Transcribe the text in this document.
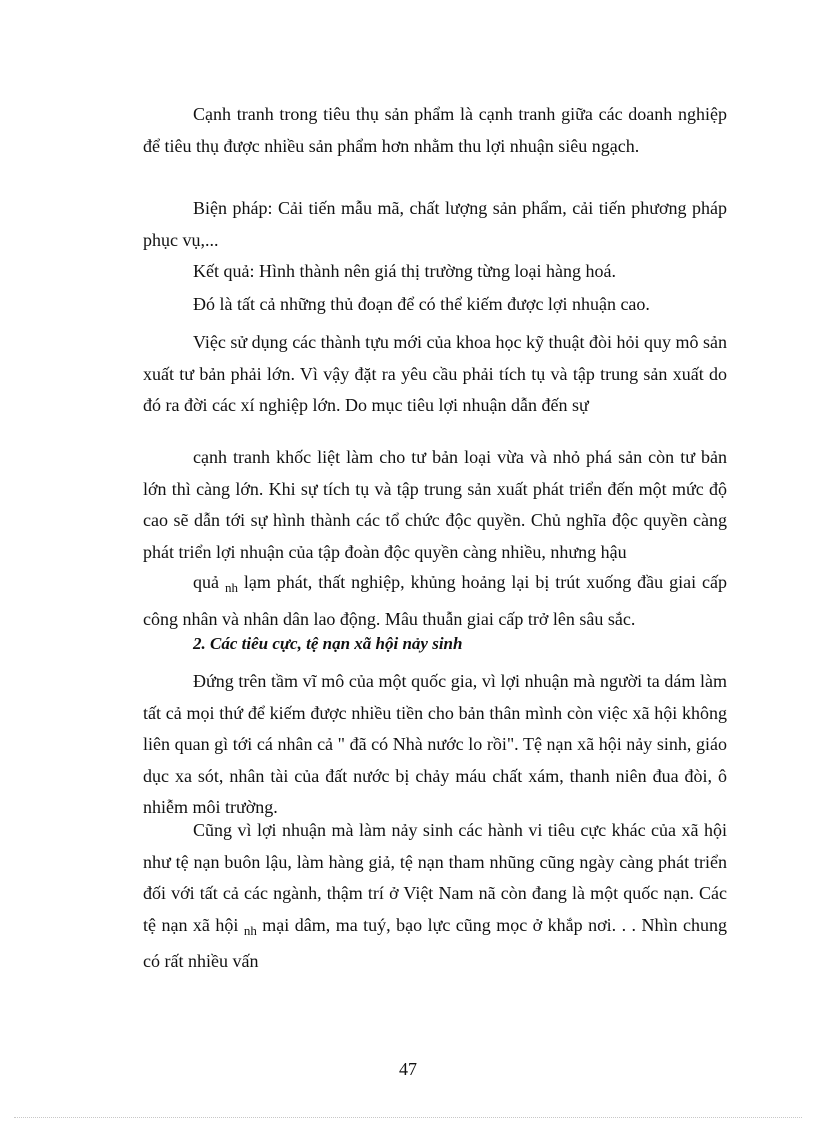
Cạnh tranh trong tiêu thụ sản phẩm là cạnh tranh giữa các doanh nghiệp để tiêu thụ được nhiều sản phẩm hơn nhằm thu lợi nhuận siêu ngạch.

Biện pháp: Cải tiến mẫu mã, chất lượng sản phẩm, cải tiến phương pháp phục vụ,...

Kết quả: Hình thành nên giá thị trường từng loại hàng hoá.

Đó là tất cả những thủ đoạn để có thể kiếm được lợi nhuận cao.

Việc sử dụng các thành tựu mới của khoa học kỹ thuật đòi hỏi quy mô sản xuất tư bản phải lớn. Vì vậy đặt ra yêu cầu phải tích tụ và tập trung sản xuất do đó ra đời các xí nghiệp lớn. Do mục tiêu lợi nhuận dẫn đến sự

cạnh tranh khốc liệt làm cho tư bản loại vừa và nhỏ phá sản còn tư bản lớn thì càng lớn. Khi sự tích tụ và tập trung sản xuất phát triển đến một mức độ cao sẽ dẫn tới sự hình thành các tổ chức độc quyền. Chủ nghĩa độc quyền càng phát triển lợi nhuận của tập đoàn độc quyền càng nhiều, nhưng hậu

quả $_{nh}$ lạm phát, thất nghiệp, khủng hoảng lại bị trút xuống đầu giai cấp công nhân và nhân dân lao động. Mâu thuẫn giai cấp trở lên sâu sắc.

2. Các tiêu cực, tệ nạn xã hội nảy sinh

Đứng trên tầm vĩ mô của một quốc gia, vì lợi nhuận mà người ta dám làm tất cả mọi thứ để kiếm được nhiều tiền cho bản thân mình còn việc xã hội không liên quan gì tới cá nhân cả " đã có Nhà nước lo rồi". Tệ nạn xã hội nảy sinh, giáo dục xa sót, nhân tài của đất nước bị chảy máu chất xám, thanh niên đua đòi, ô nhiễm môi trường.

Cũng vì lợi nhuận mà làm nảy sinh các hành vi tiêu cực khác của xã hội như tệ nạn buôn lậu, làm hàng giả, tệ nạn tham nhũng cũng ngày càng phát triển đối với tất cả các ngành, thậm trí ở Việt Nam nã còn đang là một quốc nạn. Các tệ nạn xã hội $_{nh}$ mại dâm, ma tuý, bạo lực cũng mọc ở khắp nơi. . . Nhìn chung có rất nhiều vấn

47
